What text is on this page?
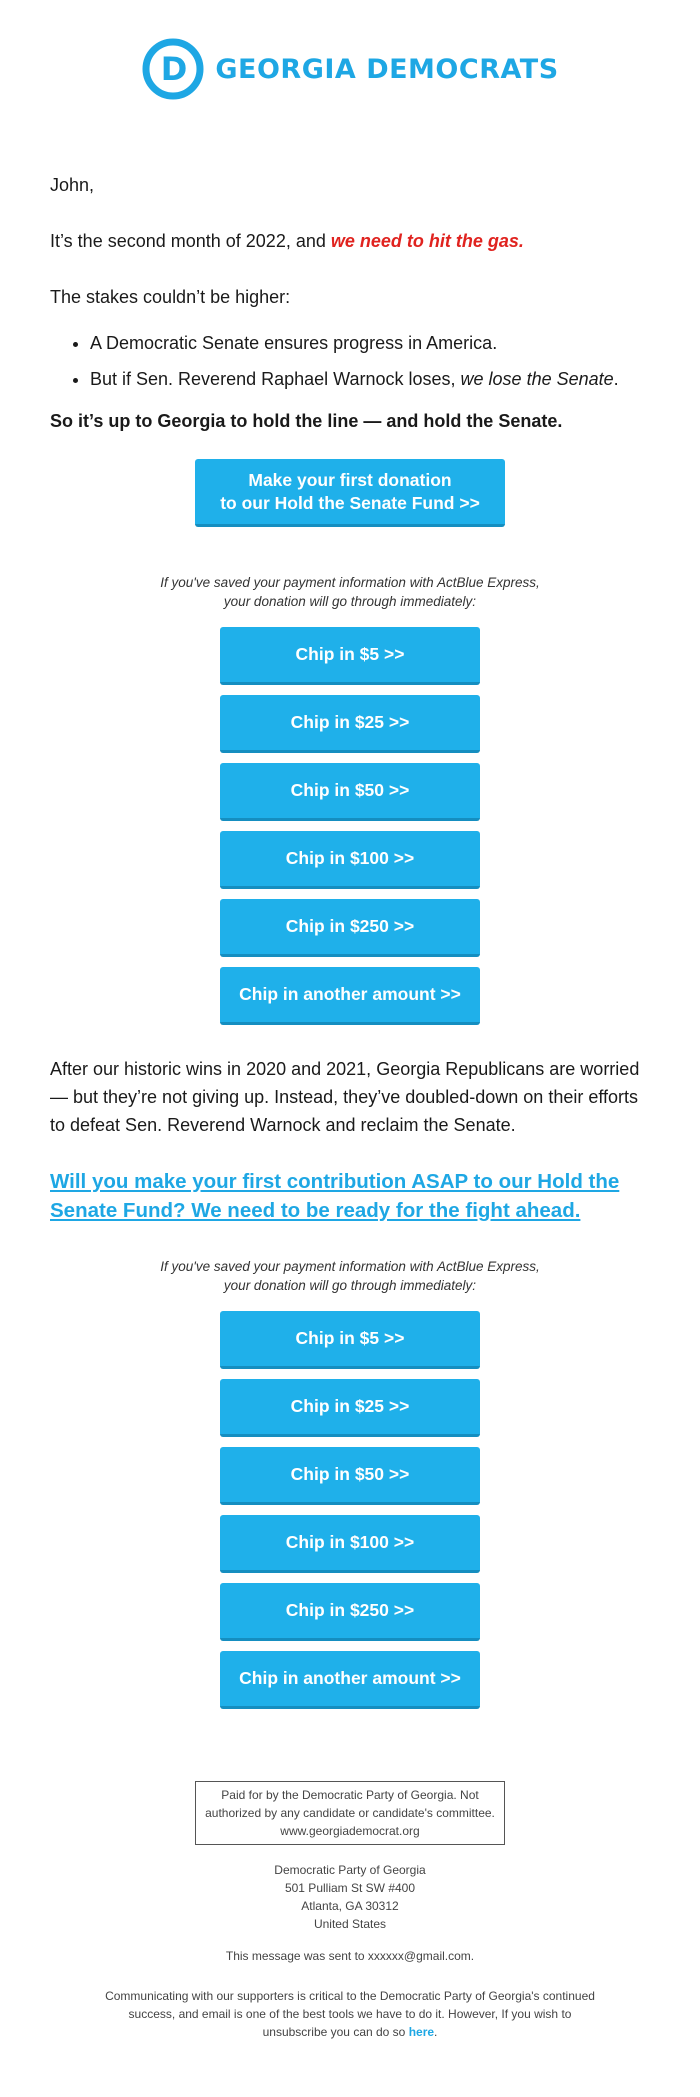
D GEORGIA DEMOCRATS
John,
It’s the second month of 2022, and we need to hit the gas.
The stakes couldn’t be higher:
• A Democratic Senate ensures progress in America.
• But if Sen. Reverend Raphael Warnock loses, we lose the Senate.
So it’s up to Georgia to hold the line — and hold the Senate.
Make your first donation
to our Hold the Senate Fund >>
If you've saved your payment information with ActBlue Express,
your donation will go through immediately:
Chip in $5 >>
Chip in $25 >>
Chip in $50 >>
Chip in $100 >>
Chip in $250 >>
Chip in another amount >>
After our historic wins in 2020 and 2021, Georgia Republicans are worried — but they’re not giving up. Instead, they’ve doubled-down on their efforts to defeat Sen. Reverend Warnock and reclaim the Senate.
Will you make your first contribution ASAP to our Hold the Senate Fund? We need to be ready for the fight ahead.
If you've saved your payment information with ActBlue Express,
your donation will go through immediately:
Chip in $5 >>
Chip in $25 >>
Chip in $50 >>
Chip in $100 >>
Chip in $250 >>
Chip in another amount >>
Paid for by the Democratic Party of Georgia. Not
authorized by any candidate or candidate's committee.
www.georgiademocrat.org
Democratic Party of Georgia
501 Pulliam St SW #400
Atlanta, GA 30312
United States
This message was sent to xxxxxx@gmail.com.
Communicating with our supporters is critical to the Democratic Party of Georgia's continued success, and email is one of the best tools we have to do it. However, If you wish to unsubscribe you can do so here.
